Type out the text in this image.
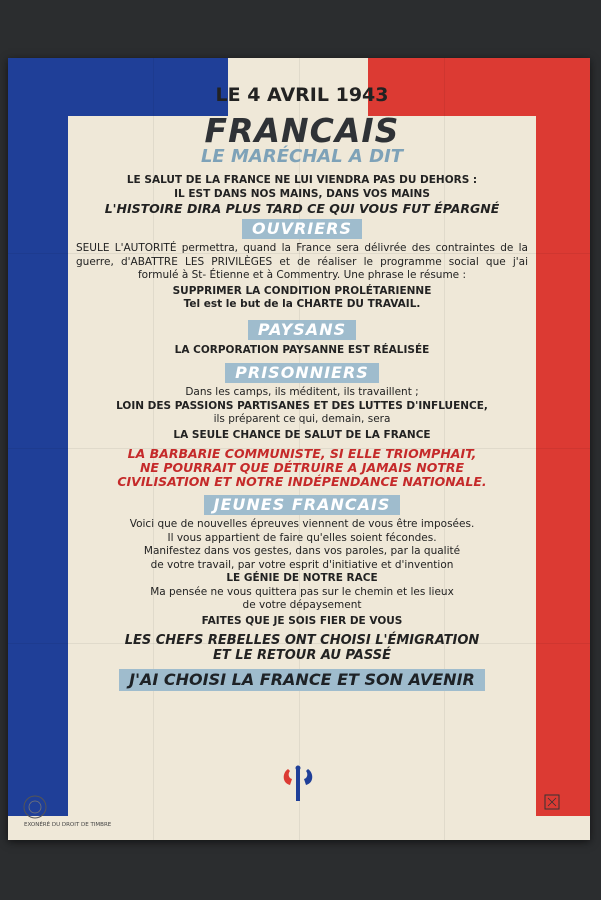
LE 4 AVRIL 1943
FRANCAIS
LE MARÉCHAL A DIT

LE SALUT DE LA FRANCE NE LUI VIENDRA PAS DU DEHORS :

IL EST DANS NOS MAINS, DANS VOS MAINS

L'HISTOIRE DIRA PLUS TARD CE QUI VOUS FUT ÉPARGNÉ

OUVRIERS

SEULE L'AUTORITÉ permettra, quand la France sera délivrée des contraintes de la guerre, d'ABATTRE LES PRIVILÈGES et de réaliser le programme social que j'ai formulé à St- Étienne et à Commentry. Une phrase le résume :

SUPPRIMER LA CONDITION PROLÉTARIENNE

Tel est le but de la CHARTE DU TRAVAIL.

PAYSANS

LA CORPORATION PAYSANNE EST RÉALISÉE

PRISONNIERS

Dans les camps, ils méditent, ils travaillent ;

LOIN DES PASSIONS PARTISANES ET DES LUTTES D'INFLUENCE,

ils préparent ce qui, demain, sera

LA SEULE CHANCE DE SALUT DE LA FRANCE

LA BARBARIE COMMUNISTE, SI ELLE TRIOMPHAIT,
NE POURRAIT QUE DÉTRUIRE A JAMAIS NOTRE
CIVILISATION ET NOTRE INDÉPENDANCE NATIONALE.
JEUNES FRANCAIS

Voici que de nouvelles épreuves viennent de vous être imposées.

Il vous appartient de faire qu'elles soient fécondes.

Manifestez dans vos gestes, dans vos paroles, par la qualité

de votre travail, par votre esprit d'initiative et d'invention

LE GÉNIE DE NOTRE RACE

Ma pensée ne vous quittera pas sur le chemin et les lieux

de votre dépaysement

FAITES QUE JE SOIS FIER DE VOUS

LES CHEFS REBELLES ONT CHOISI L'ÉMIGRATION

ET LE RETOUR AU PASSÉ

J'AI CHOISI LA FRANCE ET SON AVENIR
EXONÉRÉ DU DROIT DE TIMBRE
